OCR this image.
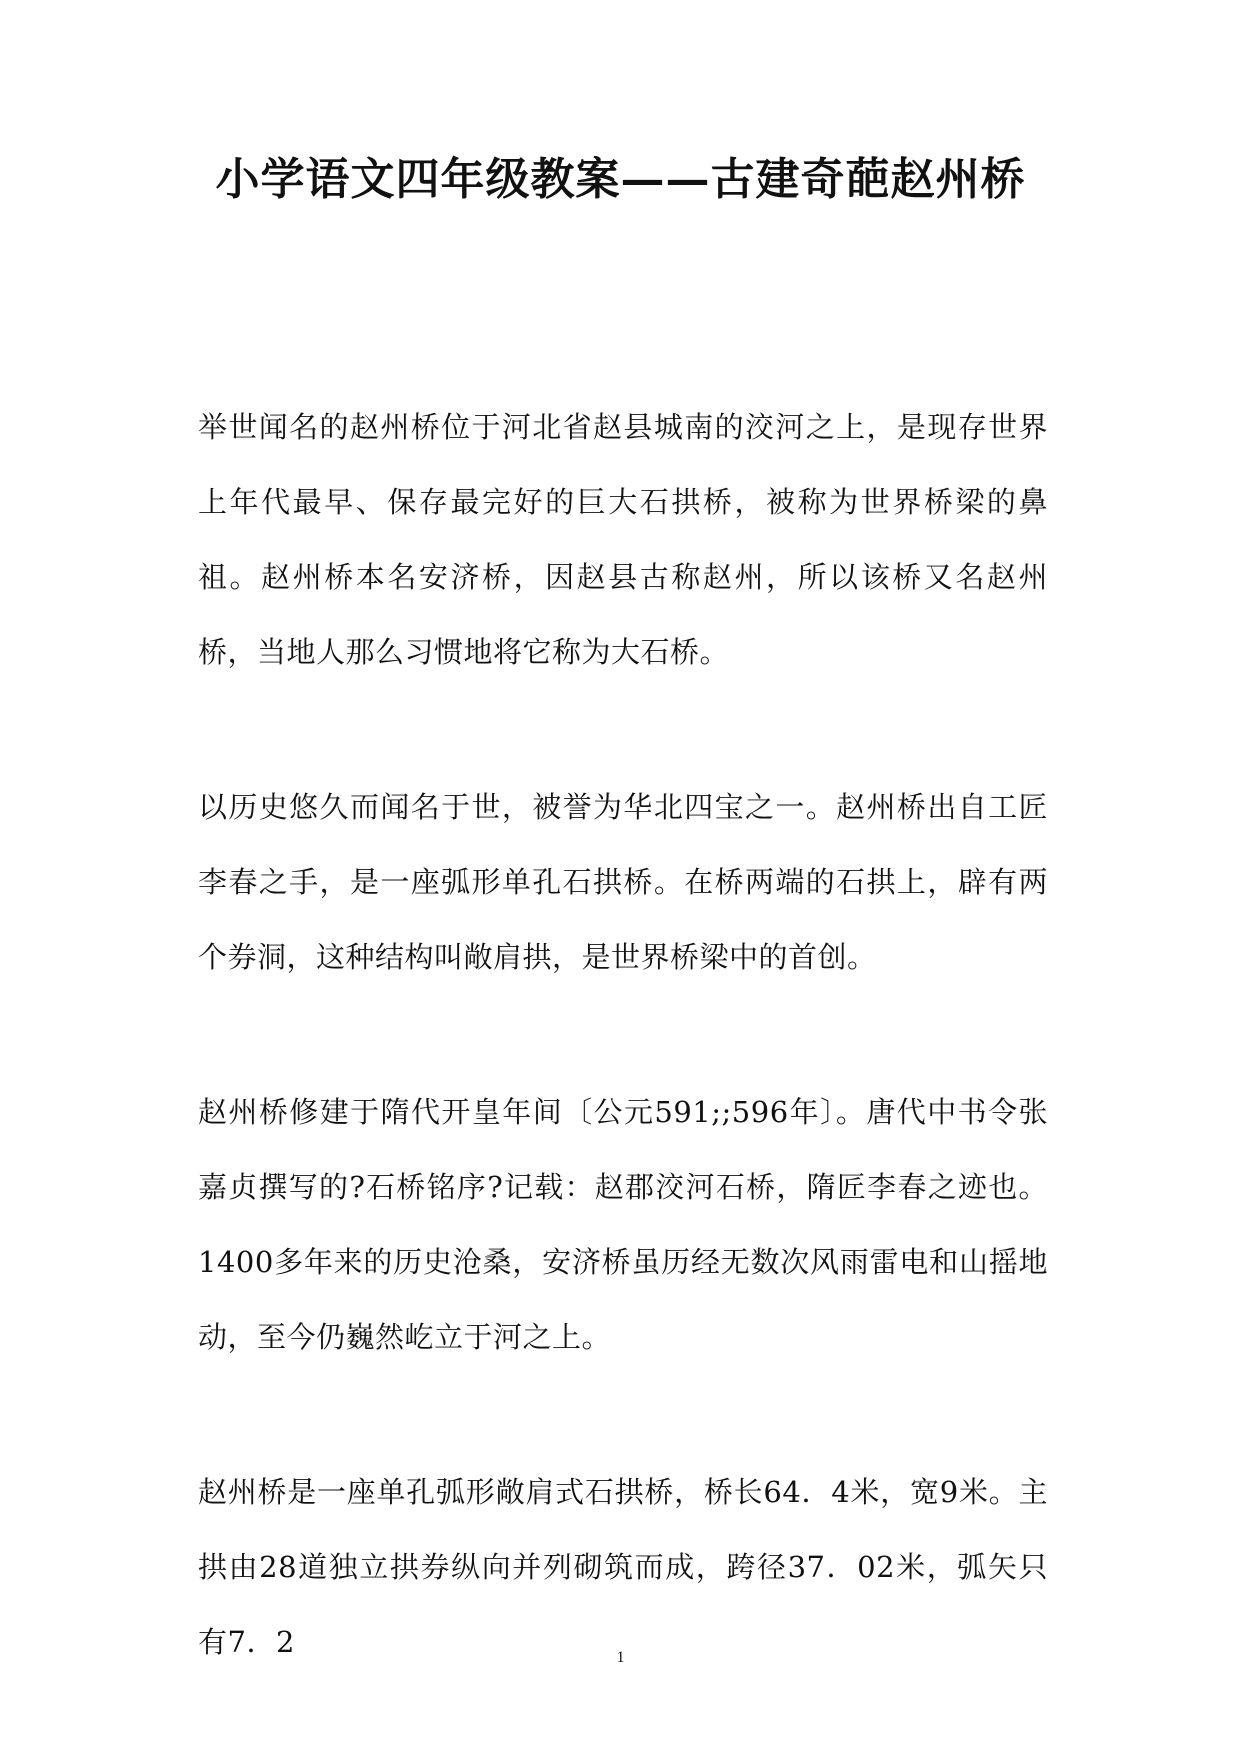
小学语文四年级教案——古建奇葩赵州桥

举世闻名的赵州桥位于河北省赵县城南的洨河之上，是现存世界上年代最早、保存最完好的巨大石拱桥，被称为世界桥梁的鼻祖。赵州桥本名安济桥，因赵县古称赵州，所以该桥又名赵州桥，当地人那么习惯地将它称为大石桥。

以历史悠久而闻名于世，被誉为华北四宝之一。赵州桥出自工匠李春之手，是一座弧形单孔石拱桥。在桥两端的石拱上，辟有两个券洞，这种结构叫敞肩拱，是世界桥梁中的首创。

赵州桥修建于隋代开皇年间〔公元591;;596年〕。唐代中书令张嘉贞撰写的?石桥铭序?记载：赵郡洨河石桥，隋匠李春之迹也。1400多年来的历史沧桑，安济桥虽历经无数次风雨雷电和山摇地动，至今仍巍然屹立于河之上。

赵州桥是一座单孔弧形敞肩式石拱桥，桥长64．4米，宽9米。主拱由28道独立拱券纵向并列砌筑而成，跨径37．02米，弧矢只有7．2	1
